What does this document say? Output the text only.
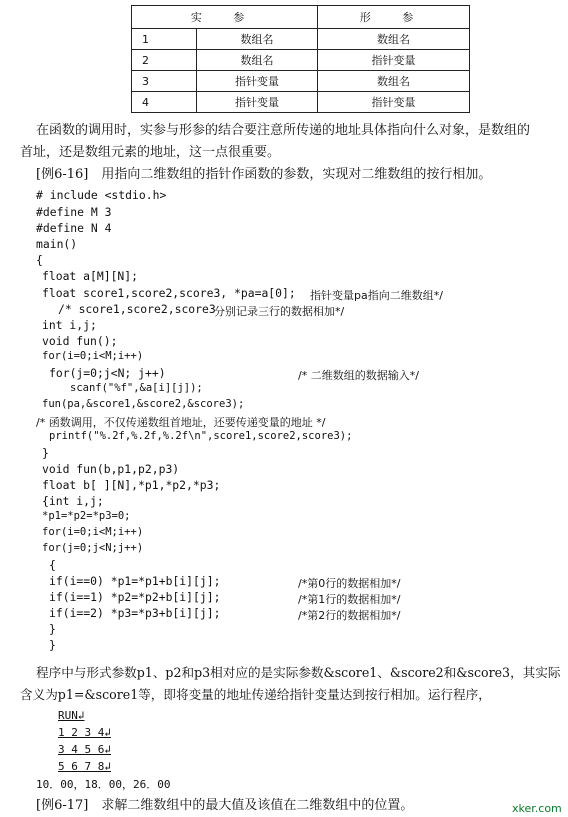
实 参		形 参
1	数组名	数组名
2	数组名	指针变量
3	指针变量	数组名
4	指针变量	指针变量
在函数的调用时，实参与形参的结合要注意所传递的地址具体指向什么对象，是数组的
首址，还是数组元素的地址，这一点很重要。
[例6-16]　用指向二维数组的指针作函数的参数，实现对二维数组的按行相加。
# include <stdio.h>
#define M 3
#define N 4
main()
{
float a[M][N];
float score1,score2,score3, *pa=a[0]; 指针变量pa指向二维数组*/
/* score1,score2,score3
分别记录三行的数据相加*/
int i,j;
void fun();
for(i=0;i<M;i++)
for(j=0;j<N; j++)	/* 二维数组的数据输入*/
scanf("%f",&a[i][j]);
fun(pa,&score1,&score2,&score3);
/* 函数调用，不仅传递数组首地址，还要传递变量的地址 */
printf("%.2f,%.2f,%.2f\n",score1,score2,score3);
}
void fun(b,p1,p2,p3)
float b[ ][N],*p1,*p2,*p3;
{int i,j;
*p1=*p2=*p3=0;
for(i=0;i<M;i++)
for(j=0;j<N;j++)
{
if(i==0) *p1=*p1+b[i][j];	/*第0行的数据相加*/
if(i==1) *p2=*p2+b[i][j];	/*第1行的数据相加*/
if(i==2) *p3=*p3+b[i][j];	/*第2行的数据相加*/
}
}
程序中与形式参数p1、p2和p3相对应的是实际参数&score1、&score2和&score3，其实际
含义为p1=&score1等，即将变量的地址传递给指针变量达到按行相加。运行程序，
RUN↲
1 2 3 4↲
3 4 5 6↲
5 6 7 8↲
10．00，18．00，26．00
[例6-17]　求解二维数组中的最大值及该值在二维数组中的位置。	xker.com
